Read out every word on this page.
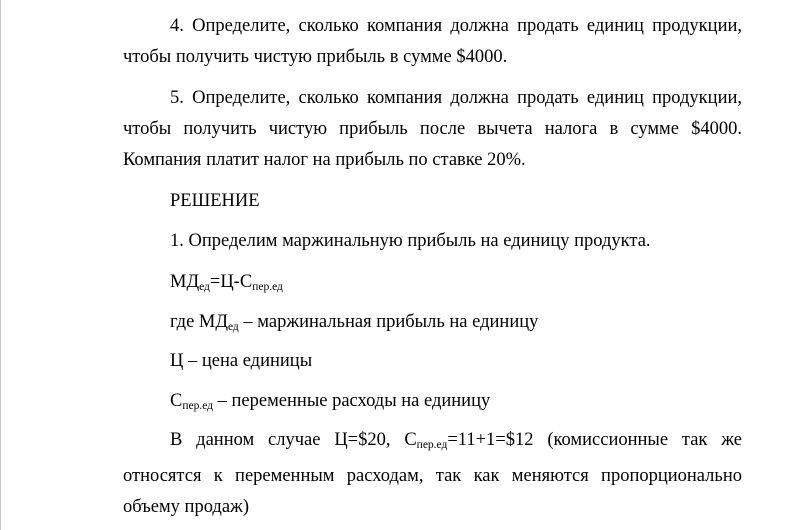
4. Определите, сколько компания должна продать единиц продукции,
чтобы получить чистую прибыль в сумме $4000.
5. Определите, сколько компания должна продать единиц продукции,
чтобы получить чистую прибыль после вычета налога в сумме $4000.
Компания платит налог на прибыль по ставке 20%.
РЕШЕНИЕ
1. Определим маржинальную прибыль на единицу продукта.
$МД_{ед}=Ц-С_{пер.ед}$
где $МД_{ед}$ – маржинальная прибыль на единицу
Ц – цена единицы
$С_{пер.ед}$ – переменные расходы на единицу
В данном случае Ц=$20, $С_{пер.ед}=11+1=\$12$ (комиссионные так же
относятся к переменным расходам, так как меняются пропорционально
объему продаж)
